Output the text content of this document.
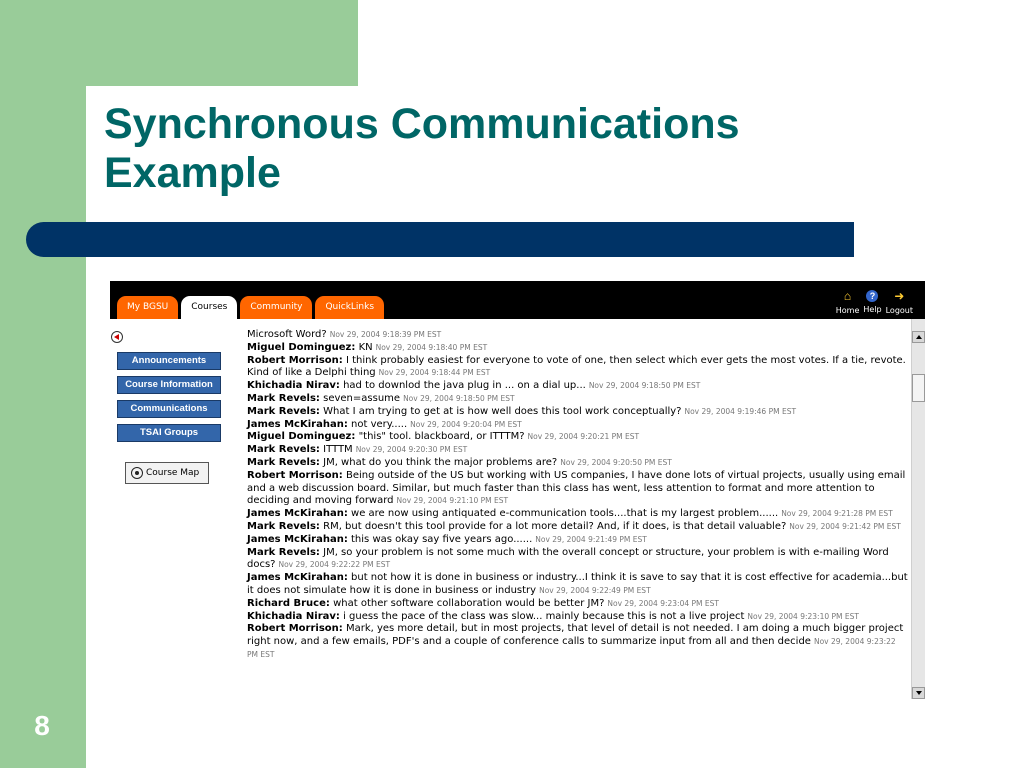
Synchronous Communications
Example
My BGSU	Courses	Community	QuickLinks
⌂
Home
?
Help
➜
Logout
Announcements
Course Information
Communications
TSAI Groups
Course Map
Microsoft Word? Nov 29, 2004 9:18:39 PM EST
Miguel Dominguez: KN Nov 29, 2004 9:18:40 PM EST
Robert Morrison: I think probably easiest for everyone to vote of one, then select which ever gets the most votes. If a tie, revote. Kind of like a Delphi thing Nov 29, 2004 9:18:44 PM EST
Khichadia Nirav: had to downlod the java plug in ... on a dial up... Nov 29, 2004 9:18:50 PM EST
Mark Revels: seven=assume Nov 29, 2004 9:18:50 PM EST
Mark Revels: What I am trying to get at is how well does this tool work conceptually? Nov 29, 2004 9:19:46 PM EST
James McKirahan: not very..... Nov 29, 2004 9:20:04 PM EST
Miguel Dominguez: "this" tool. blackboard, or ITTTM? Nov 29, 2004 9:20:21 PM EST
Mark Revels: ITTTM Nov 29, 2004 9:20:30 PM EST
Mark Revels: JM, what do you think the major problems are? Nov 29, 2004 9:20:50 PM EST
Robert Morrison: Being outside of the US but working with US companies, I have done lots of virtual projects, usually using email and a web discussion board. Similar, but much faster than this class has went, less attention to format and more attention to deciding and moving forward Nov 29, 2004 9:21:10 PM EST
James McKirahan: we are now using antiquated e-communication tools....that is my largest problem...... Nov 29, 2004 9:21:28 PM EST
Mark Revels: RM, but doesn't this tool provide for a lot more detail? And, if it does, is that detail valuable? Nov 29, 2004 9:21:42 PM EST
James McKirahan: this was okay say five years ago...... Nov 29, 2004 9:21:49 PM EST
Mark Revels: JM, so your problem is not some much with the overall concept or structure, your problem is with e-mailing Word docs? Nov 29, 2004 9:22:22 PM EST
James McKirahan: but not how it is done in business or industry...I think it is save to say that it is cost effective for academia...but it does not simulate how it is done in business or industry Nov 29, 2004 9:22:49 PM EST
Richard Bruce: what other software collaboration would be better JM? Nov 29, 2004 9:23:04 PM EST
Khichadia Nirav: i guess the pace of the class was slow... mainly because this is not a live project Nov 29, 2004 9:23:10 PM EST
Robert Morrison: Mark, yes more detail, but in most projects, that level of detail is not needed. I am doing a much bigger project right now, and a few emails, PDF's and a couple of conference calls to summarize input from all and then decide Nov 29, 2004 9:23:22 PM EST
8
